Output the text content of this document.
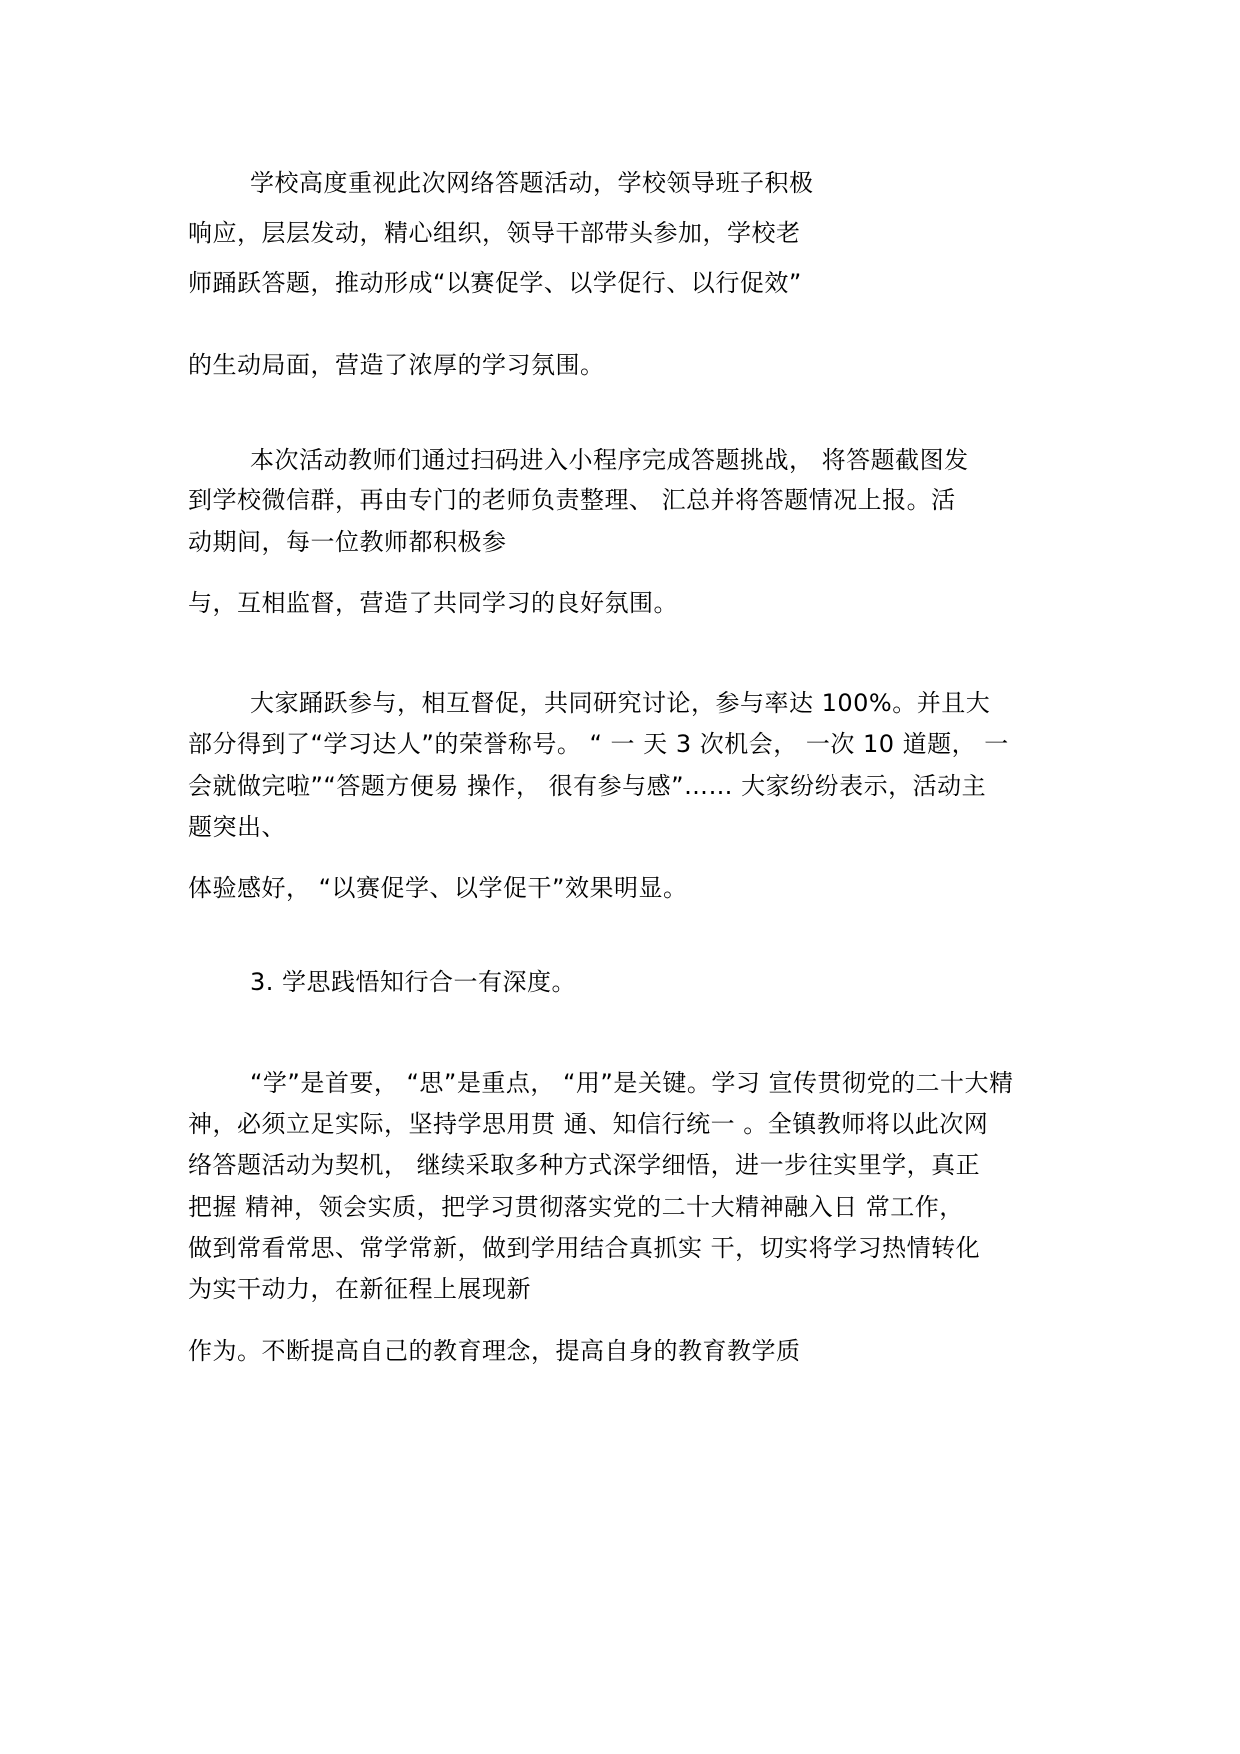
学校高度重视此次网络答题活动，学校领导班子积极
响应，层层发动，精心组织，领导干部带头参加，学校老
师踊跃答题，推动形成“以赛促学、以学促行、以行促效”
的生动局面，营造了浓厚的学习氛围。
本次活动教师们通过扫码进入小程序完成答题挑战， 将答题截图发
到学校微信群，再由专门的老师负责整理、 汇总并将答题情况上报。活
动期间，每一位教师都积极参
与，互相监督，营造了共同学习的良好氛围。
大家踊跃参与，相互督促，共同研究讨论，参与率达 100%。并且大
部分得到了“学习达人”的荣誉称号。 “ 一 天 3 次机会， 一次 10 道题， 一
会就做完啦”“答题方便易 操作， 很有参与感”…… 大家纷纷表示，活动主
题突出、
体验感好， “以赛促学、以学促干”效果明显。
3. 学思践悟知行合一有深度。
“学”是首要， “思”是重点， “用”是关键。学习 宣传贯彻党的二十大精
神，必须立足实际，坚持学思用贯 通、知信行统一 。全镇教师将以此次网
络答题活动为契机， 继续采取多种方式深学细悟，进一步往实里学，真正
把握 精神，领会实质，把学习贯彻落实党的二十大精神融入日 常工作，
做到常看常思、常学常新，做到学用结合真抓实 干，切实将学习热情转化
为实干动力，在新征程上展现新
作为。不断提高自己的教育理念，提高自身的教育教学质
